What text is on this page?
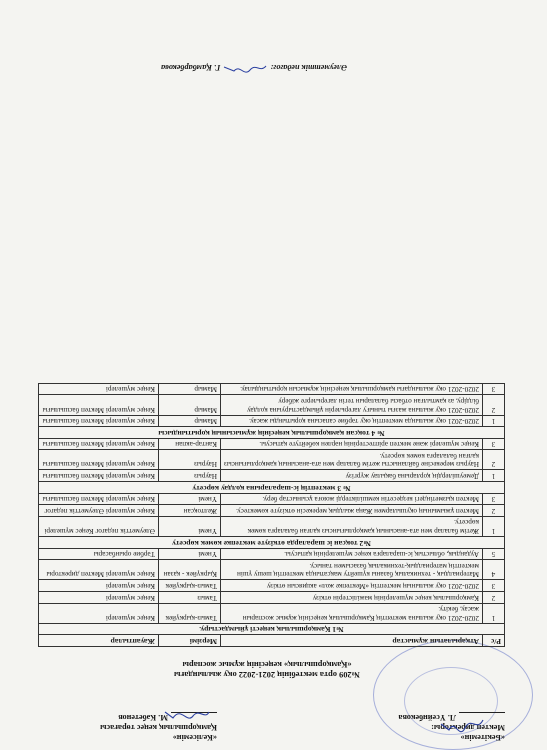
«Бекітемін»
Мектеп директоры:
Л. Үсейнбекова
«Келісемін»
Қамқоршылық кеңес төрағасы
М. Кәбетенов
№209 орта мектебінің 2021-2022 оқу жылындағы
«Қамқоршылық» кеңесінің жұмыс жоспары
Р/с	Атқарылатын жұмыстар	Мерзімі	Жауаптылар
№1 Қамқоршылық кеңесті ұйымдастыру.			
1	2020-2021 оқу жылына мектептің Қамқоршылық кеңесінің жұмыс жоспарын жасау, бекіту.	Тамыз-қыркүйек	Кеңес мүшелері
2	Қамқоршылық кеңес мүшелерінің мәжілістерін өткізу	Тамыз	Кеңес мүшелері
3	2020-2021 оқу жылының мектептің «Мектепке жол» акциясын өткізу	Тамыз-қыркүйек	Кеңес мүшелері
4	Материалдық - техникалық базаны күшейту мақсатында мектептің шешу үшін мектептің материалдық-техникалық базасымен танысу.	Қыркүйек - қазан	Кеңес мүшелері Мектеп директоры
5	Аудандық, облыстық іс-шараларға кеңес мүшелерінің қатысуы.	Үнемі	Тәрбие орынбасары
№2 тоқсан іс шараларда өткізуге мектепке көмек көрсету			
1	Жетім балалар мен ата-анасының қамқорлығынсыз қалған балаларға көмек көрсету.	Үнемі	Әлеуметтік педагог Кеңес мүшелері
2	Мектеп ұжымының оқушылармен Жаңа жылдық мерекесін өткізуге көмектесу.	Желтоқсан	Кеңес мүшелері Әлеуметтік педагог
3	Мектеп қызметіндегі кездесетін кемшіліктерді жоюға ұсыныстар беру.	Үнемі	Кеңес мүшелері Мектеп басшылығы
№ 3 мектептің іс-шараларына қолдау көрсету			
1	Демеушілердің қорларына бақылау жүргізу	Наурыз	Кеңес мүшелері Мектеп басшылығы
2	Наурыз мерекесіне байланысты жетім балалар мен ата-анасының қамқорлығынсыз қалған балаларға көмек көрсету.	Наурыз	Кеңес мүшелері Мектеп басшылығы
3	Кеңес мүшелері және мектеп әріптестерінің нәрлен көбейтуге қатысуы.	Кантар-акпан	Кеңес мүшелері Мектеп басшылығы
№ 4 тоқсан қамқоршылық кеңесінің жұмысының қорытындысы			
1	2020-2021 оқу жылында мектептің оқу тәрбие сапасына қорытынды жасау.	Мамыр	Кеңес мүшелері Мектеп басшылығы
2	2020-2021 оқу жылына жазғы тынығу лагерьлерін ұйымдастыруына қолдау білдіру, аз қамтылған отбасы балаларын тегін лагерьлерге жіберу	Мамыр	Кеңес мүшелері Мектеп басшылығы
3	2020-2021 оқу жылындағы қамқоршылық кеңесінің жұмысын қорытындылау.	Мамыр	Кеңес мүшелері
Әлеуметтік педагог:  Г. Қамбарбекова
